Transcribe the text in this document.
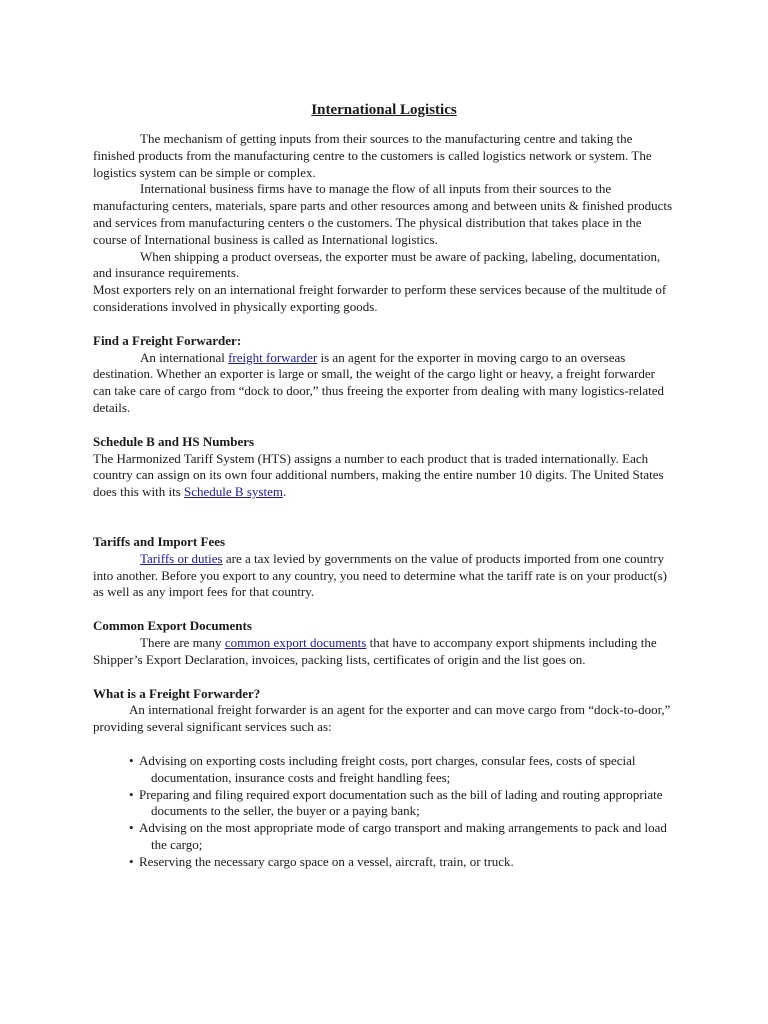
International Logistics

The mechanism of getting inputs from their sources to the manufacturing centre and taking the finished products from the manufacturing centre to the customers is called logistics network or system. The logistics system can be simple or complex.

International business firms have to manage the flow of all inputs from their sources to the manufacturing centers, materials, spare parts and other resources among and between units & finished products and services from manufacturing centers o the customers. The physical distribution that takes place in the course of International business is called as International logistics.

When shipping a product overseas, the exporter must be aware of packing, labeling, documentation, and insurance requirements.

Most exporters rely on an international freight forwarder to perform these services because of the multitude of considerations involved in physically exporting goods.

Find a Freight Forwarder:

An international freight forwarder is an agent for the exporter in moving cargo to an overseas destination. Whether an exporter is large or small, the weight of the cargo light or heavy, a freight forwarder can take care of cargo from “dock to door,” thus freeing the exporter from dealing with many logistics-related details.

Schedule B and HS Numbers

The Harmonized Tariff System (HTS) assigns a number to each product that is traded internationally. Each country can assign on its own four additional numbers, making the entire number 10 digits. The United States does this with its Schedule B system.

Tariffs and Import Fees

Tariffs or duties are a tax levied by governments on the value of products imported from one country into another. Before you export to any country, you need to determine what the tariff rate is on your product(s) as well as any import fees for that country.

Common Export Documents

There are many common export documents that have to accompany export shipments including the Shipper’s Export Declaration, invoices, packing lists, certificates of origin and the list goes on.

What is a Freight Forwarder?

An international freight forwarder is an agent for the exporter and can move cargo from “dock-to-door,” providing several significant services such as:

• Advising on exporting costs including freight costs, port charges, consular fees, costs of special documentation, insurance costs and freight handling fees;
• Preparing and filing required export documentation such as the bill of lading and routing appropriate documents to the seller, the buyer or a paying bank;
• Advising on the most appropriate mode of cargo transport and making arrangements to pack and load the cargo;
• Reserving the necessary cargo space on a vessel, aircraft, train, or truck.
